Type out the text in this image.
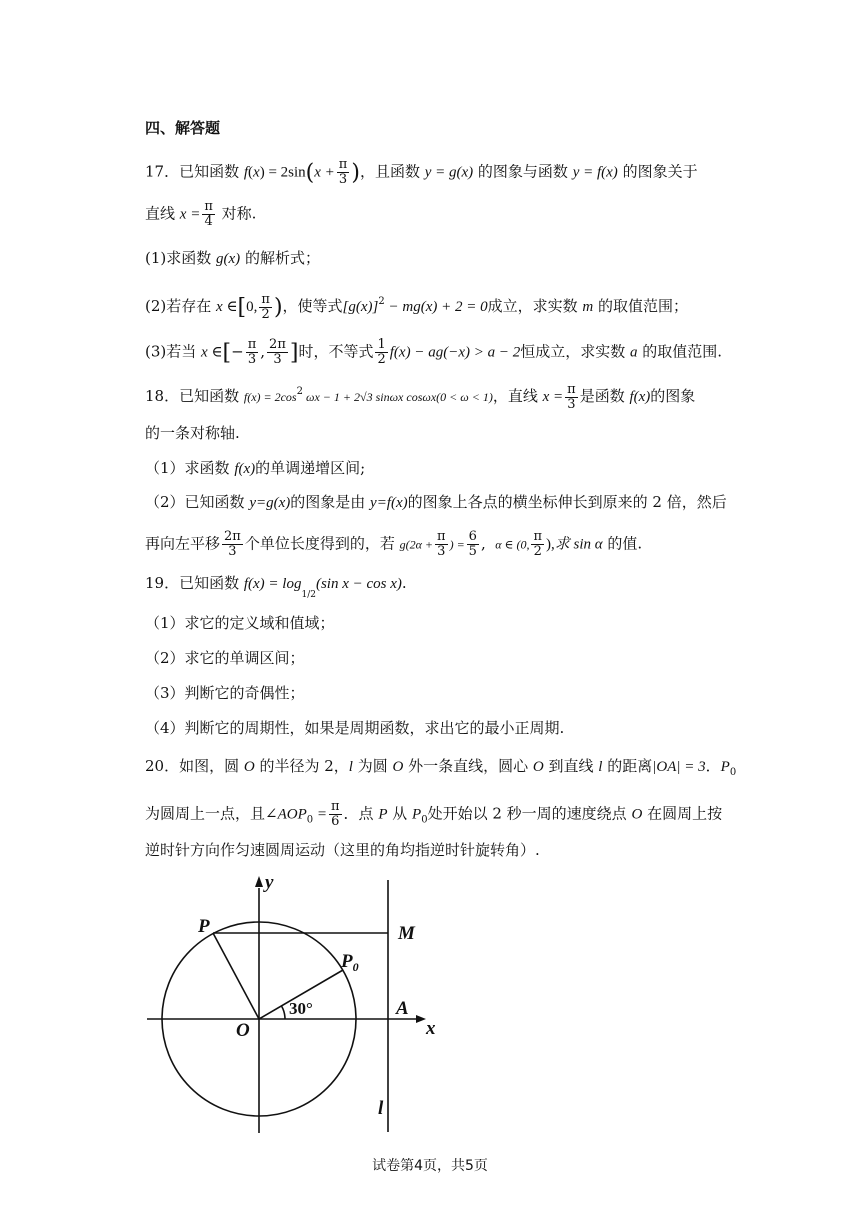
四、解答题
17．已知函数 $f(x) = 2\sin(x + \frac{\pi}{3}$ )，且函数 y = g(x) 的图象与函数 y = f(x) 的图象关于
直线 $x = \frac{\pi}{4}$ 对称.
(1)求函数 g(x) 的解析式；
(2)若存在 x ∈[0, $\frac{\pi}{2}$ )，使等式$[g(x)]^2 - mg(x) + 2 = 0$成立，求实数 m 的取值范围；
(3)若当 x ∈[− $\frac{\pi}{3}$ , $\frac{2\pi}{3}$ ]时，不等式 $\frac{1}{2} f(x) - ag(-x) > a - 2$恒成立，求实数 a 的取值范围.
18．已知函数 $f(x) = 2\cos^2$ ωx − 1 + 2√3 sinωx cosωx(0 < ω < 1)，直线 $x = \frac{\pi}{3}$ 是函数 f(x)的图象
的一条对称轴.
（1）求函数 f(x)的单调递增区间;
（2）已知函数 y=g(x)的图象是由 y=f(x)的图象上各点的横坐标伸长到原来的 2 倍，然后
再向左平移 $\frac{2\pi}{3}$ 个单位长度得到的，若 $g(2\alpha + \frac{\pi}{3}$ ) = $\frac{6}{5}$ , α ∈ (0, $\frac{\pi}{2}$ ),求 sin α 的值.
19．已知函数 $f(x) = \log_{1/2}(\sin$ x − cos x).
（1）求它的定义域和值域；
（2）求它的单调区间；
（3）判断它的奇偶性；
（4）判断它的周期性，如果是周期函数，求出它的最小正周期.
20．如图，圆 O 的半径为 2，l 为圆 O 外一条直线，圆心 O 到直线 l 的距离|OA| = 3．$P_0$
为圆周上一点，且$\angle AOP_0 = \frac{\pi}{6}$ ．点 P 从 $P_0$处开始以 2 秒一周的速度绕点 O 在圆周上按
逆时针方向作匀速圆周运动（这里的角均指逆时针旋转角）.
y
x
O
P
$P_0$
M
A
l
30°
试卷第4页，共5页
